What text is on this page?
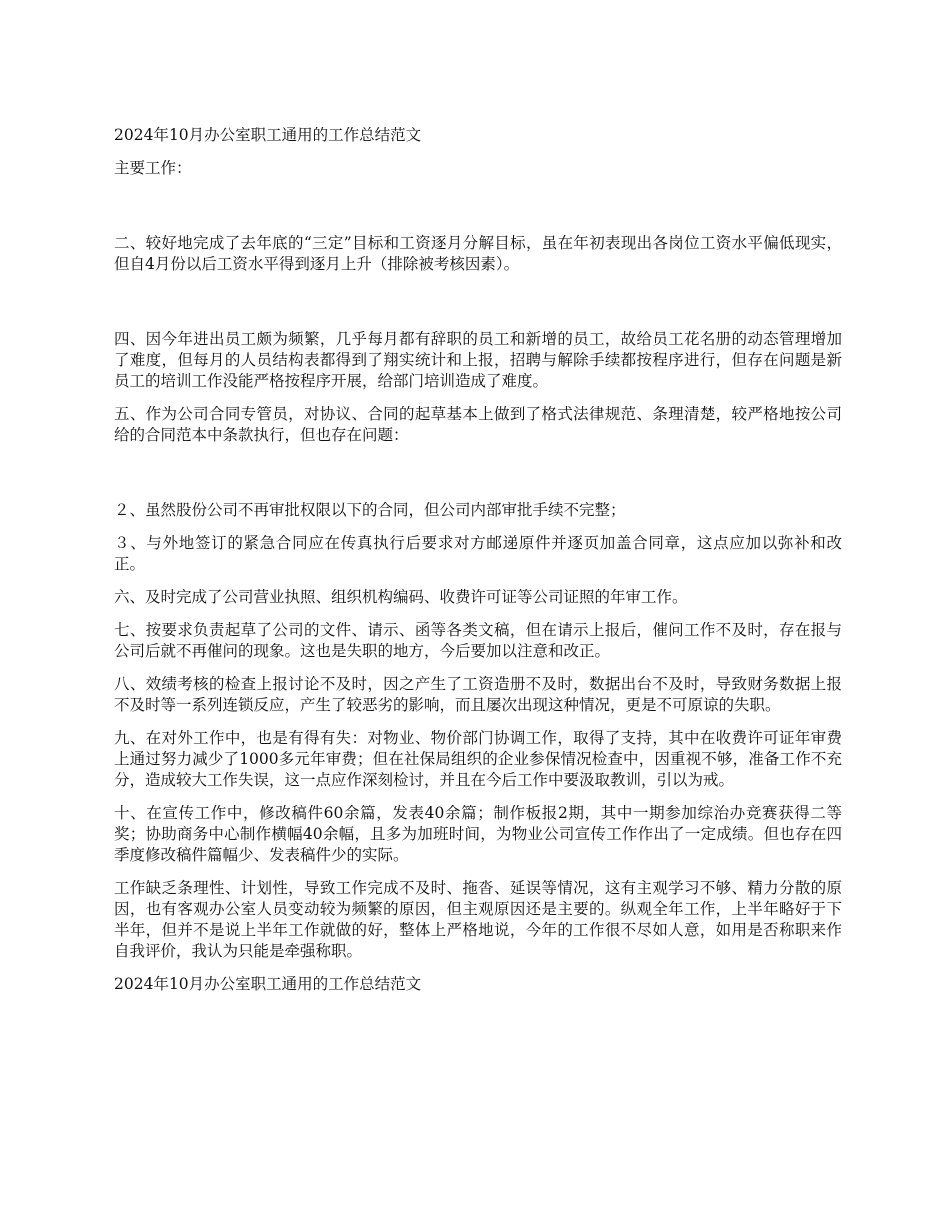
2024年10月办公室职工通用的工作总结范文

主要工作：

二、较好地完成了去年底的“三定”目标和工资逐月分解目标，虽在年初表现出各岗位工资水平偏低现实，但自4月份以后工资水平得到逐月上升（排除被考核因素）。

四、因今年进出员工颇为频繁，几乎每月都有辞职的员工和新增的员工，故给员工花名册的动态管理增加了难度，但每月的人员结构表都得到了翔实统计和上报，招聘与解除手续都按程序进行，但存在问题是新员工的培训工作没能严格按程序开展，给部门培训造成了难度。

五、作为公司合同专管员，对协议、合同的起草基本上做到了格式法律规范、条理清楚，较严格地按公司给的合同范本中条款执行，但也存在问题：

２、虽然股份公司不再审批权限以下的合同，但公司内部审批手续不完整；

３、与外地签订的紧急合同应在传真执行后要求对方邮递原件并逐页加盖合同章，这点应加以弥补和改正。

六、及时完成了公司营业执照、组织机构编码、收费许可证等公司证照的年审工作。

七、按要求负责起草了公司的文件、请示、函等各类文稿，但在请示上报后，催问工作不及时，存在报与公司后就不再催问的现象。这也是失职的地方，今后要加以注意和改正。

八、效绩考核的检查上报讨论不及时，因之产生了工资造册不及时，数据出台不及时，导致财务数据上报不及时等一系列连锁反应，产生了较恶劣的影响，而且屡次出现这种情况，更是不可原谅的失职。

九、在对外工作中，也是有得有失：对物业、物价部门协调工作，取得了支持，其中在收费许可证年审费上通过努力减少了1000多元年审费；但在社保局组织的企业参保情况检查中，因重视不够，准备工作不充分，造成较大工作失误，这一点应作深刻检讨，并且在今后工作中要汲取教训，引以为戒。

十、在宣传工作中，修改稿件60余篇，发表40余篇；制作板报2期，其中一期参加综治办竞赛获得二等奖；协助商务中心制作横幅40余幅，且多为加班时间，为物业公司宣传工作作出了一定成绩。但也存在四季度修改稿件篇幅少、发表稿件少的实际。

工作缺乏条理性、计划性，导致工作完成不及时、拖沓、延误等情况，这有主观学习不够、精力分散的原因，也有客观办公室人员变动较为频繁的原因，但主观原因还是主要的。纵观全年工作，上半年略好于下半年，但并不是说上半年工作就做的好，整体上严格地说，今年的工作很不尽如人意，如用是否称职来作自我评价，我认为只能是牵强称职。

2024年10月办公室职工通用的工作总结范文
